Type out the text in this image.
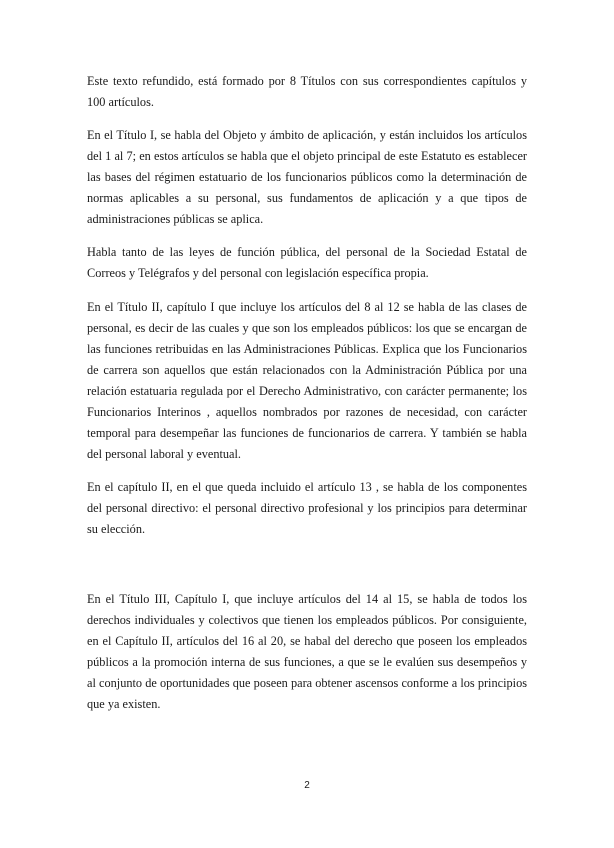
Este texto refundido, está formado por 8 Títulos con sus correspondientes capítulos y 100 artículos.

En el Título I, se habla del Objeto y ámbito de aplicación, y están incluidos los artículos del 1 al 7; en estos artículos se habla que el objeto principal de este Estatuto es establecer las bases del régimen estatuario de los funcionarios públicos como la determinación de normas aplicables a su personal, sus fundamentos de aplicación y a que tipos de administraciones públicas se aplica.

Habla tanto de las leyes de función pública, del personal de la Sociedad Estatal de Correos y Telégrafos y del personal con legislación específica propia.

En el Título II, capítulo I que incluye los artículos del 8 al 12 se habla de las clases de personal, es decir de las cuales y que son los empleados públicos: los que se encargan de las funciones retribuidas en las Administraciones Públicas. Explica que los Funcionarios de carrera son aquellos que están relacionados con la Administración Pública por una relación estatuaria regulada por el Derecho Administrativo, con carácter permanente; los Funcionarios Interinos , aquellos nombrados por razones de necesidad, con carácter temporal para desempeñar las funciones de funcionarios de carrera. Y también se habla del personal laboral y eventual.

En el capítulo II, en el que queda incluido el artículo 13 , se habla de los componentes del personal directivo: el personal directivo profesional y los principios para determinar su elección.

En el Título III, Capítulo I, que incluye artículos del 14 al 15, se habla de todos los derechos individuales y colectivos que tienen los empleados públicos. Por consiguiente, en el Capítulo II, artículos del 16 al 20, se habal del derecho que poseen los empleados públicos a la promoción interna de sus funciones, a que se le evalúen sus desempeños y al conjunto de oportunidades que poseen para obtener ascensos conforme a los principios que ya existen.

2
